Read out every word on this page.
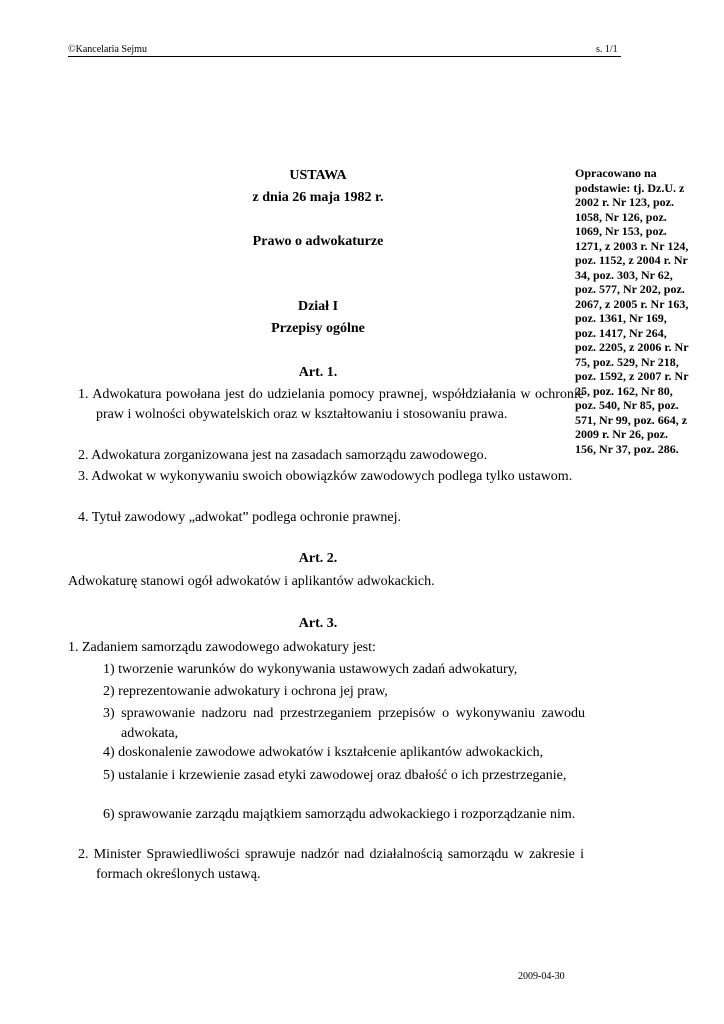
©Kancelaria Sejmu	s. 1/1
USTAWA
z dnia 26 maja 1982 r.
Prawo o adwokaturze
Dział I
Przepisy ogólne
Opracowano na podstawie: tj. Dz.U. z 2002 r. Nr 123, poz. 1058, Nr 126, poz. 1069, Nr 153, poz. 1271, z 2003 r. Nr 124, poz. 1152, z 2004 r. Nr 34, poz. 303, Nr 62, poz. 577, Nr 202, poz. 2067, z 2005 r. Nr 163, poz. 1361, Nr 169, poz. 1417, Nr 264, poz. 2205, z 2006 r. Nr 75, poz. 529, Nr 218, poz. 1592, z 2007 r. Nr 25, poz. 162, Nr 80, poz. 540, Nr 85, poz. 571, Nr 99, poz. 664, z 2009 r. Nr 26, poz. 156, Nr 37, poz. 286.
Art. 1.
1. Adwokatura powołana jest do udzielania pomocy prawnej, współdziałania w ochronie praw i wolności obywatelskich oraz w kształtowaniu i stosowaniu prawa.
2. Adwokatura zorganizowana jest na zasadach samorządu zawodowego.
3. Adwokat w wykonywaniu swoich obowiązków zawodowych podlega tylko ustawom.
4. Tytuł zawodowy „adwokat” podlega ochronie prawnej.
Art. 2.
Adwokaturę stanowi ogół adwokatów i aplikantów adwokackich.
Art. 3.
1. Zadaniem samorządu zawodowego adwokatury jest:
1) tworzenie warunków do wykonywania ustawowych zadań adwokatury,
2) reprezentowanie adwokatury i ochrona jej praw,
3) sprawowanie nadzoru nad przestrzeganiem przepisów o wykonywaniu zawodu adwokata,
4) doskonalenie zawodowe adwokatów i kształcenie aplikantów adwokackich,
5) ustalanie i krzewienie zasad etyki zawodowej oraz dbałość o ich przestrzeganie,
6) sprawowanie zarządu majątkiem samorządu adwokackiego i rozporządzanie nim.
2. Minister Sprawiedliwości sprawuje nadzór nad działalnością samorządu w zakresie i formach określonych ustawą.
2009-04-30
